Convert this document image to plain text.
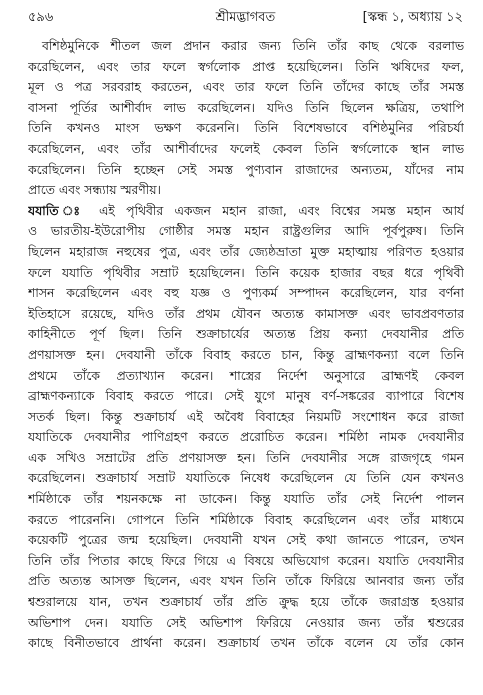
৫৯৬	শ্রীমদ্ভাগবত	[স্কন্ধ ১, অধ্যায় ১২
বশিষ্ঠমুনিকে শীতল জল প্রদান করার জন্য তিনি তাঁর কাছ থেকে বরলাভ
করেছিলেন, এবং তার ফলে স্বর্গলোক প্রাপ্ত হয়েছিলেন। তিনি ঋষিদের ফল,
মূল ও পত্র সরবরাহ করতেন, এবং তার ফলে তিনি তাঁদের কাছে তাঁর সমস্ত
বাসনা পূর্তির আশীর্বাদ লাভ করেছিলেন। যদিও তিনি ছিলেন ক্ষত্রিয়, তথাপি
তিনি কখনও মাংস ভক্ষণ করেননি। তিনি বিশেষভাবে বশিষ্ঠমুনির পরিচর্যা
করেছিলেন, এবং তাঁর আশীর্বাদের ফলেই কেবল তিনি স্বর্গলোকে স্থান লাভ
করেছিলেন। তিনি হচ্ছেন সেই সমস্ত পুণ্যবান রাজাদের অন্যতম, যাঁদের নাম
প্রাতে এবং সন্ধ্যায় স্মরণীয়।
যযাতি ঃ এই পৃথিবীর একজন মহান রাজা, এবং বিশ্বের সমস্ত মহান আর্য
ও ভারতীয়-ইউরোপীয় গোষ্ঠীর সমস্ত মহান রাষ্ট্রগুলির আদি পূর্বপুরুষ। তিনি
ছিলেন মহারাজ নহুষের পুত্র, এবং তাঁর জ্যেষ্ঠভ্রাতা মুক্ত মহাত্মায় পরিণত হওয়ার
ফলে যযাতি পৃথিবীর সম্রাট হয়েছিলেন। তিনি কয়েক হাজার বছর ধরে পৃথিবী
শাসন করেছিলেন এবং বহু যজ্ঞ ও পুণ্যকর্ম সম্পাদন করেছিলেন, যার বর্ণনা
ইতিহাসে রয়েছে, যদিও তাঁর প্রথম যৌবন অত্যন্ত কামাসক্ত এবং ভাবপ্রবণতার
কাহিনীতে পূর্ণ ছিল। তিনি শুক্রাচার্যের অত্যন্ত প্রিয় কন্যা দেবযানীর প্রতি
প্রণয়াসক্ত হন। দেবযানী তাঁকে বিবাহ করতে চান, কিন্তু ব্রাহ্মণকন্যা বলে তিনি
প্রথমে তাঁকে প্রত্যাখ্যান করেন। শাস্ত্রের নির্দেশ অনুসারে ব্রাহ্মণই কেবল
ব্রাহ্মণকন্যাকে বিবাহ করতে পারে। সেই যুগে মানুষ বর্ণ-সঙ্করের ব্যাপারে বিশেষ
সতর্ক ছিল। কিন্তু শুক্রাচার্য এই অবৈধ বিবাহের নিয়মটি সংশোধন করে রাজা
যযাতিকে দেবযানীর পাণিগ্রহণ করতে প্ররোচিত করেন। শর্মিষ্ঠা নামক দেবযানীর
এক সখিও সম্রাটের প্রতি প্রণয়াসক্ত হন। তিনি দেবযানীর সঙ্গে রাজগৃহে গমন
করেছিলেন। শুক্রাচার্য সম্রাট যযাতিকে নিষেধ করেছিলেন যে তিনি যেন কখনও
শর্মিষ্ঠাকে তাঁর শয়নকক্ষে না ডাকেন। কিন্তু যযাতি তাঁর সেই নির্দেশ পালন
করতে পারেননি। গোপনে তিনি শর্মিষ্ঠাকে বিবাহ করেছিলেন এবং তাঁর মাধ্যমে
কয়েকটি পুত্রের জন্ম হয়েছিল। দেবযানী যখন সেই কথা জানতে পারেন, তখন
তিনি তাঁর পিতার কাছে ফিরে গিয়ে এ বিষয়ে অভিযোগ করেন। যযাতি দেবযানীর
প্রতি অত্যন্ত আসক্ত ছিলেন, এবং যখন তিনি তাঁকে ফিরিয়ে আনবার জন্য তাঁর
শ্বশুরালয়ে যান, তখন শুক্রাচার্য তাঁর প্রতি ক্রুদ্ধ হয়ে তাঁকে জরাগ্রস্ত হওয়ার
অভিশাপ দেন। যযাতি সেই অভিশাপ ফিরিয়ে নেওয়ার জন্য তাঁর শ্বশুরের
কাছে বিনীতভাবে প্রার্থনা করেন। শুক্রাচার্য তখন তাঁকে বলেন যে তাঁর কোন
